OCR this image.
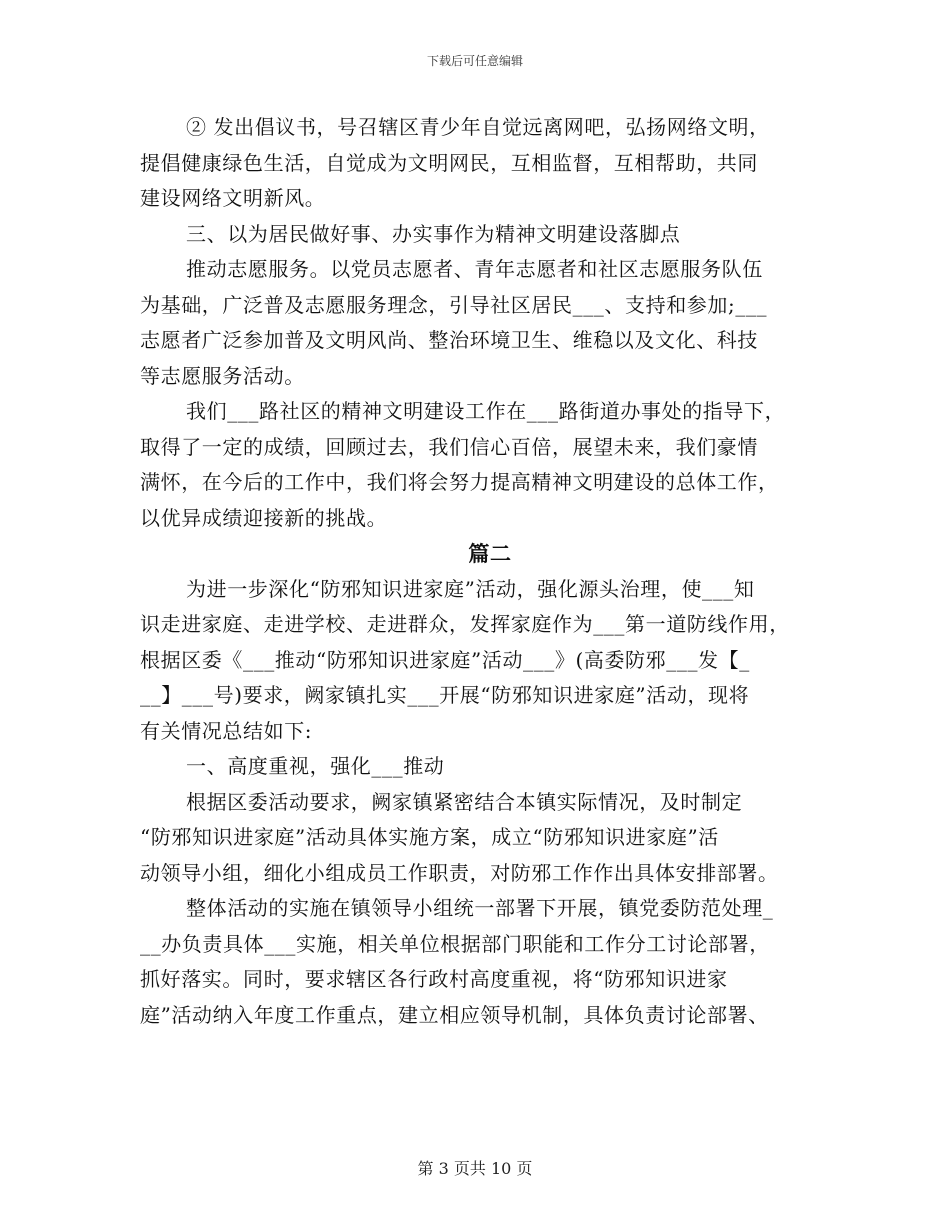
下载后可任意编辑
② 发出倡议书，号召辖区青少年自觉远离网吧，弘扬网络文明，
提倡健康绿色生活，自觉成为文明网民，互相监督，互相帮助，共同
建设网络文明新风。
三、以为居民做好事、办实事作为精神文明建设落脚点
推动志愿服务。以党员志愿者、青年志愿者和社区志愿服务队伍
为基础，广泛普及志愿服务理念，引导社区居民___、支持和参加;___
志愿者广泛参加普及文明风尚、整治环境卫生、维稳以及文化、科技
等志愿服务活动。
我们___路社区的精神文明建设工作在___路街道办事处的指导下，
取得了一定的成绩，回顾过去，我们信心百倍，展望未来，我们豪情
满怀，在今后的工作中，我们将会努力提高精神文明建设的总体工作，
以优异成绩迎接新的挑战。
篇二
为进一步深化“防邪知识进家庭”活动，强化源头治理，使___知
识走进家庭、走进学校、走进群众，发挥家庭作为___第一道防线作用，
根据区委《___推动“防邪知识进家庭”活动___》(高委防邪___发【_
__】___号)要求，阙家镇扎实___开展“防邪知识进家庭”活动，现将
有关情况总结如下:
一、高度重视，强化___推动
根据区委活动要求，阙家镇紧密结合本镇实际情况，及时制定
“防邪知识进家庭”活动具体实施方案，成立“防邪知识进家庭”活
动领导小组，细化小组成员工作职责，对防邪工作作出具体安排部署。
整体活动的实施在镇领导小组统一部署下开展，镇党委防范处理_
__办负责具体___实施，相关单位根据部门职能和工作分工讨论部署，
抓好落实。同时，要求辖区各行政村高度重视，将“防邪知识进家
庭”活动纳入年度工作重点，建立相应领导机制，具体负责讨论部署、
第 3 页共 10 页
